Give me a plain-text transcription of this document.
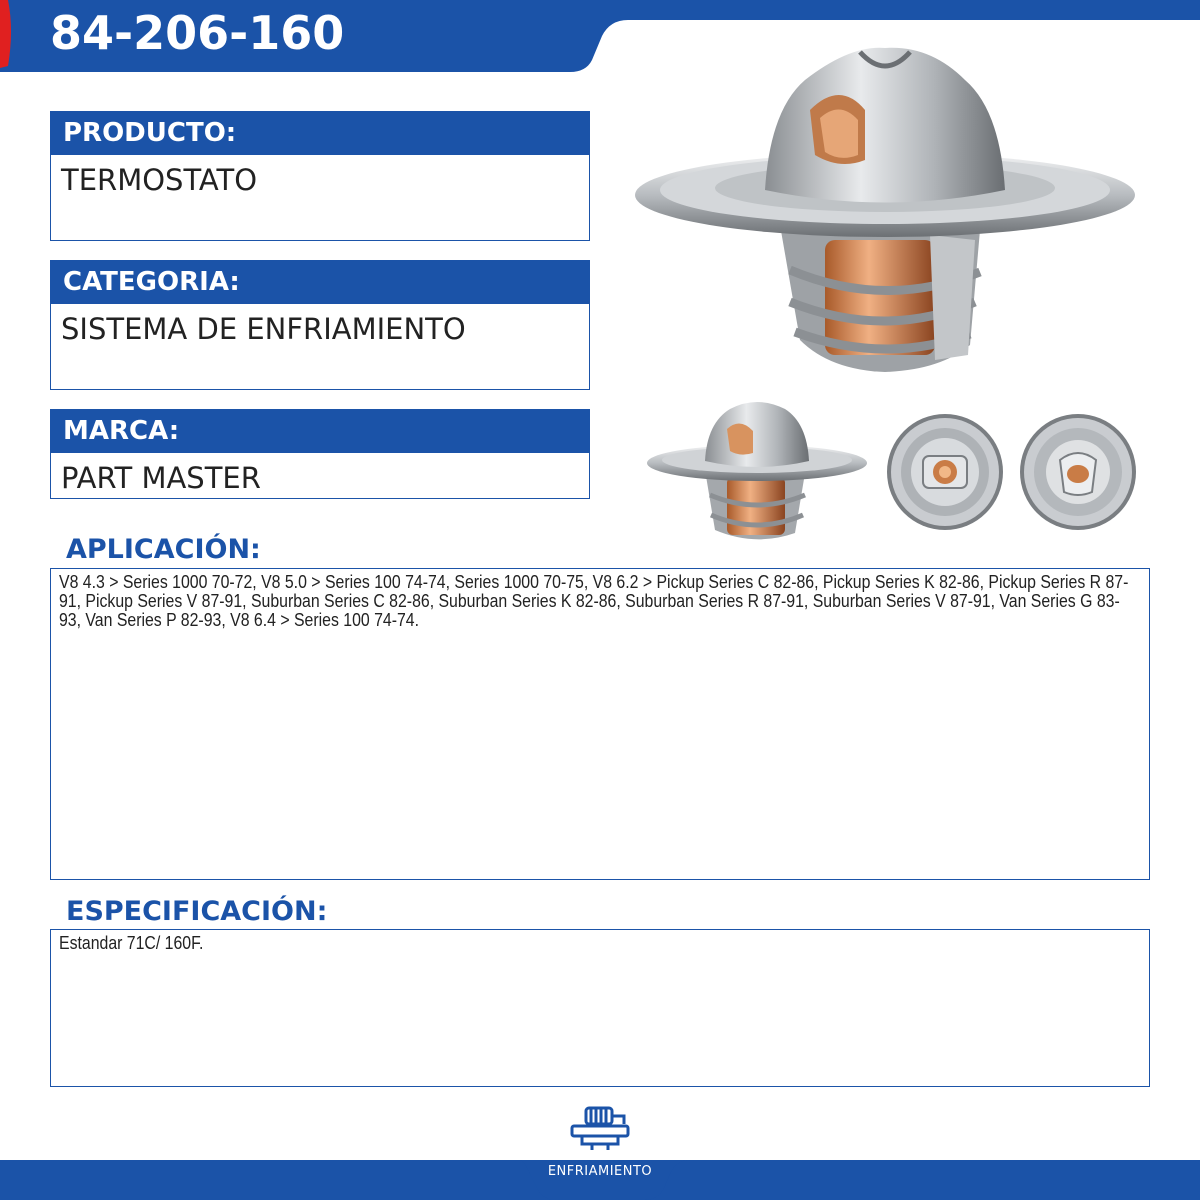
84-206-160
PRODUCTO:
TERMOSTATO
CATEGORIA:
SISTEMA DE ENFRIAMIENTO
MARCA:
PART MASTER
APLICACIÓN:
V8 4.3 > Series 1000 70-72, V8 5.0 > Series 100 74-74, Series 1000 70-75, V8 6.2 > Pickup Series C 82-86, Pickup Series K 82-86, Pickup Series R 87-91, Pickup Series V 87-91, Suburban Series C 82-86, Suburban Series K 82-86, Suburban Series R 87-91, Suburban Series V 87-91, Van Series G 83-93, Van Series P 82-93, V8 6.4 > Series 100 74-74.
ESPECIFICACIÓN:
Estandar 71C/ 160F.
ENFRIAMIENTO
